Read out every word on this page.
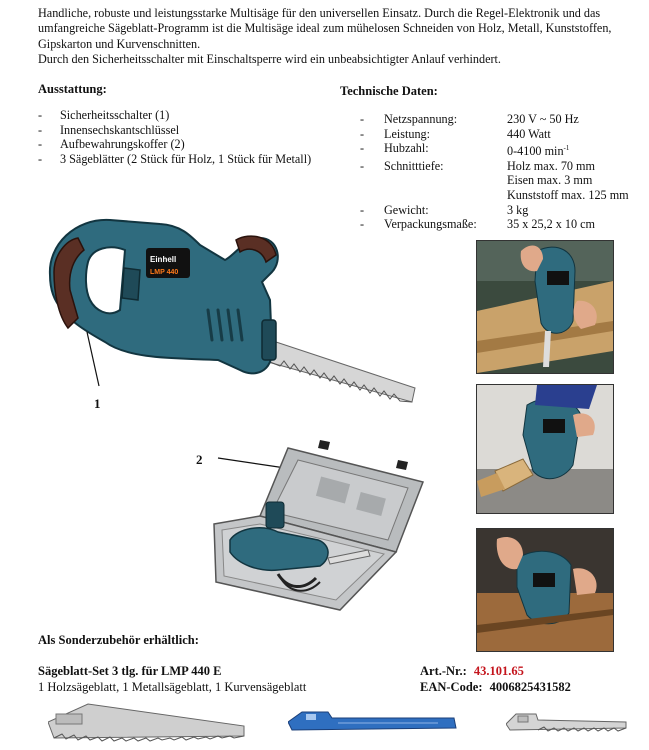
Handliche, robuste und leistungsstarke Multisäge für den universellen Einsatz. Durch die Regel-Elektronik und das

umfangreiche Sägeblatt-Programm ist die Multisäge ideal zum mühelosen Schneiden von Holz, Metall, Kunststoffen,

Gipskarton und Kurvenschnitten.

Durch den Sicherheitsschalter mit Einschaltsperre wird ein unbeabsichtigter Anlauf verhindert.

Ausstattung:
- Sicherheitsschalter (1)
- Innensechskantschlüssel
- Aufbewahrungskoffer (2)
- 3 Sägeblätter (2 Stück für Holz, 1 Stück für Metall)
Technische Daten:
-	Netzspannung:	230 V ~ 50 Hz

-	Leistung:	440 Watt

-	Hubzahl:	0-4100 $\min^{-1}$
-	Schnitttiefe:	Holz max. 70 mm
Eisen max. 3 mm
Kunststoff max. 125 mm

-	Gewicht:	3 kg

-	Verpackungsmaße:	35 x 25,2 x 10 cm
Einhell
LMP 440
1
2
Als Sonderzubehör erhältlich:
Sägeblatt-Set 3 tlg. für LMP 440 E
1 Holzsägeblatt, 1 Metallsägeblatt, 1 Kurvensägeblatt
Art.-Nr.: 43.101.65
EAN-Code: 4006825431582
